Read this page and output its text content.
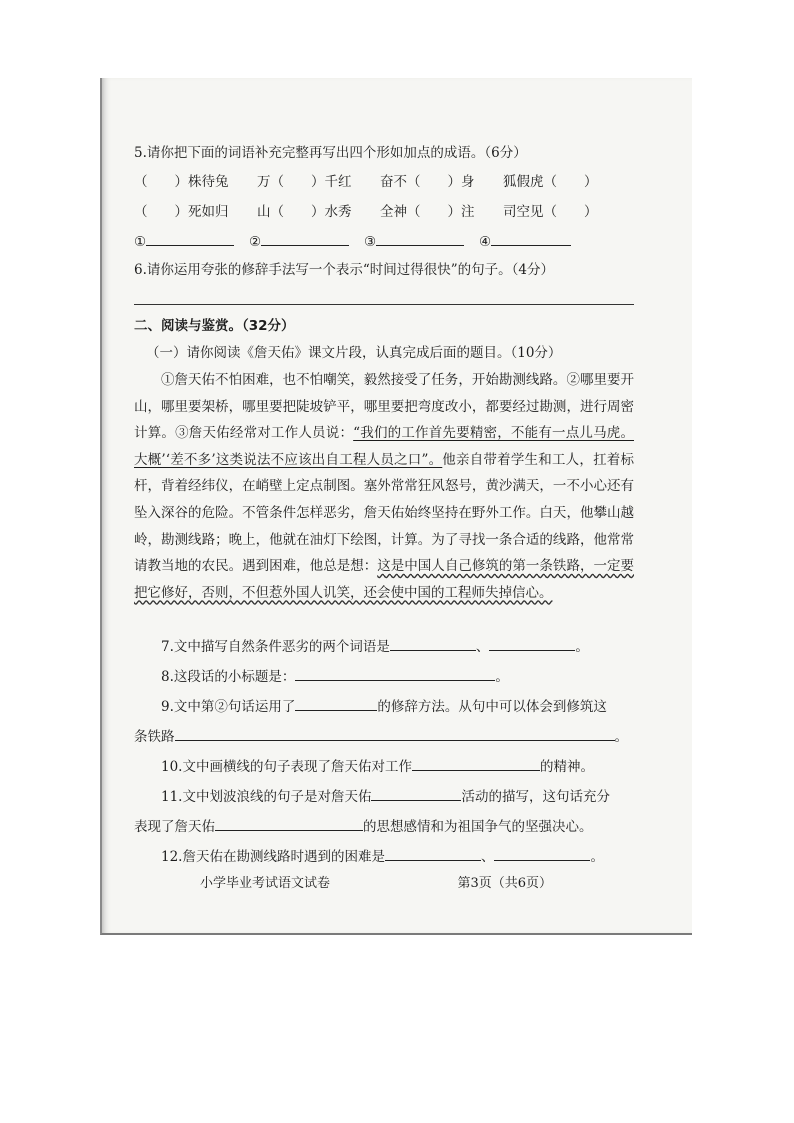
5.请你把下面的词语补充完整再写出四个形如加点的成语。（6分）
（　　）株待兔	万（　　）千红	奋不（　　）身	狐假虎（　　）
（　　）死如归	山（　　）水秀	全神（　　）注	司空见（　　）
①	②	③	④
6.请你运用夸张的修辞手法写一个表示“时间过得很快”的句子。（4分）
二、阅读与鉴赏。（32分）
（一）请你阅读《詹天佑》课文片段，认真完成后面的题目。（10分）
①詹天佑不怕困难，也不怕嘲笑，毅然接受了任务，开始勘测线路。②哪里要开山，哪里要架桥，哪里要把陡坡铲平，哪里要把弯度改小，都要经过勘测，进行周密计算。③詹天佑经常对工作人员说：“我们的工作首先要精密，不能有一点儿马虎。大概’‘差不多’这类说法不应该出自工程人员之口”。他亲自带着学生和工人，扛着标杆，背着经纬仪，在峭壁上定点制图。塞外常常狂风怒号，黄沙满天，一不小心还有坠入深谷的危险。不管条件怎样恶劣，詹天佑始终坚持在野外工作。白天，他攀山越岭，勘测线路；晚上，他就在油灯下绘图，计算。为了寻找一条合适的线路，他常常请教当地的农民。遇到困难，他总是想：这是中国人自己修筑的第一条铁路，一定要把它修好，否则，不但惹外国人讥笑，还会使中国的工程师失掉信心。
7.文中描写自然条件恶劣的两个词语是	、	。
8.这段话的小标题是：	。
9.文中第②句话运用了	的修辞方法。从句中可以体会到修筑这
条铁路	。
10.文中画横线的句子表现了詹天佑对工作	的精神。
11.文中划波浪线的句子是对詹天佑	活动的描写，这句话充分
表现了詹天佑	的思想感情和为祖国争气的坚强决心。
12.詹天佑在勘测线路时遇到的困难是	、	。
小学毕业考试语文试卷	第3页（共6页）
